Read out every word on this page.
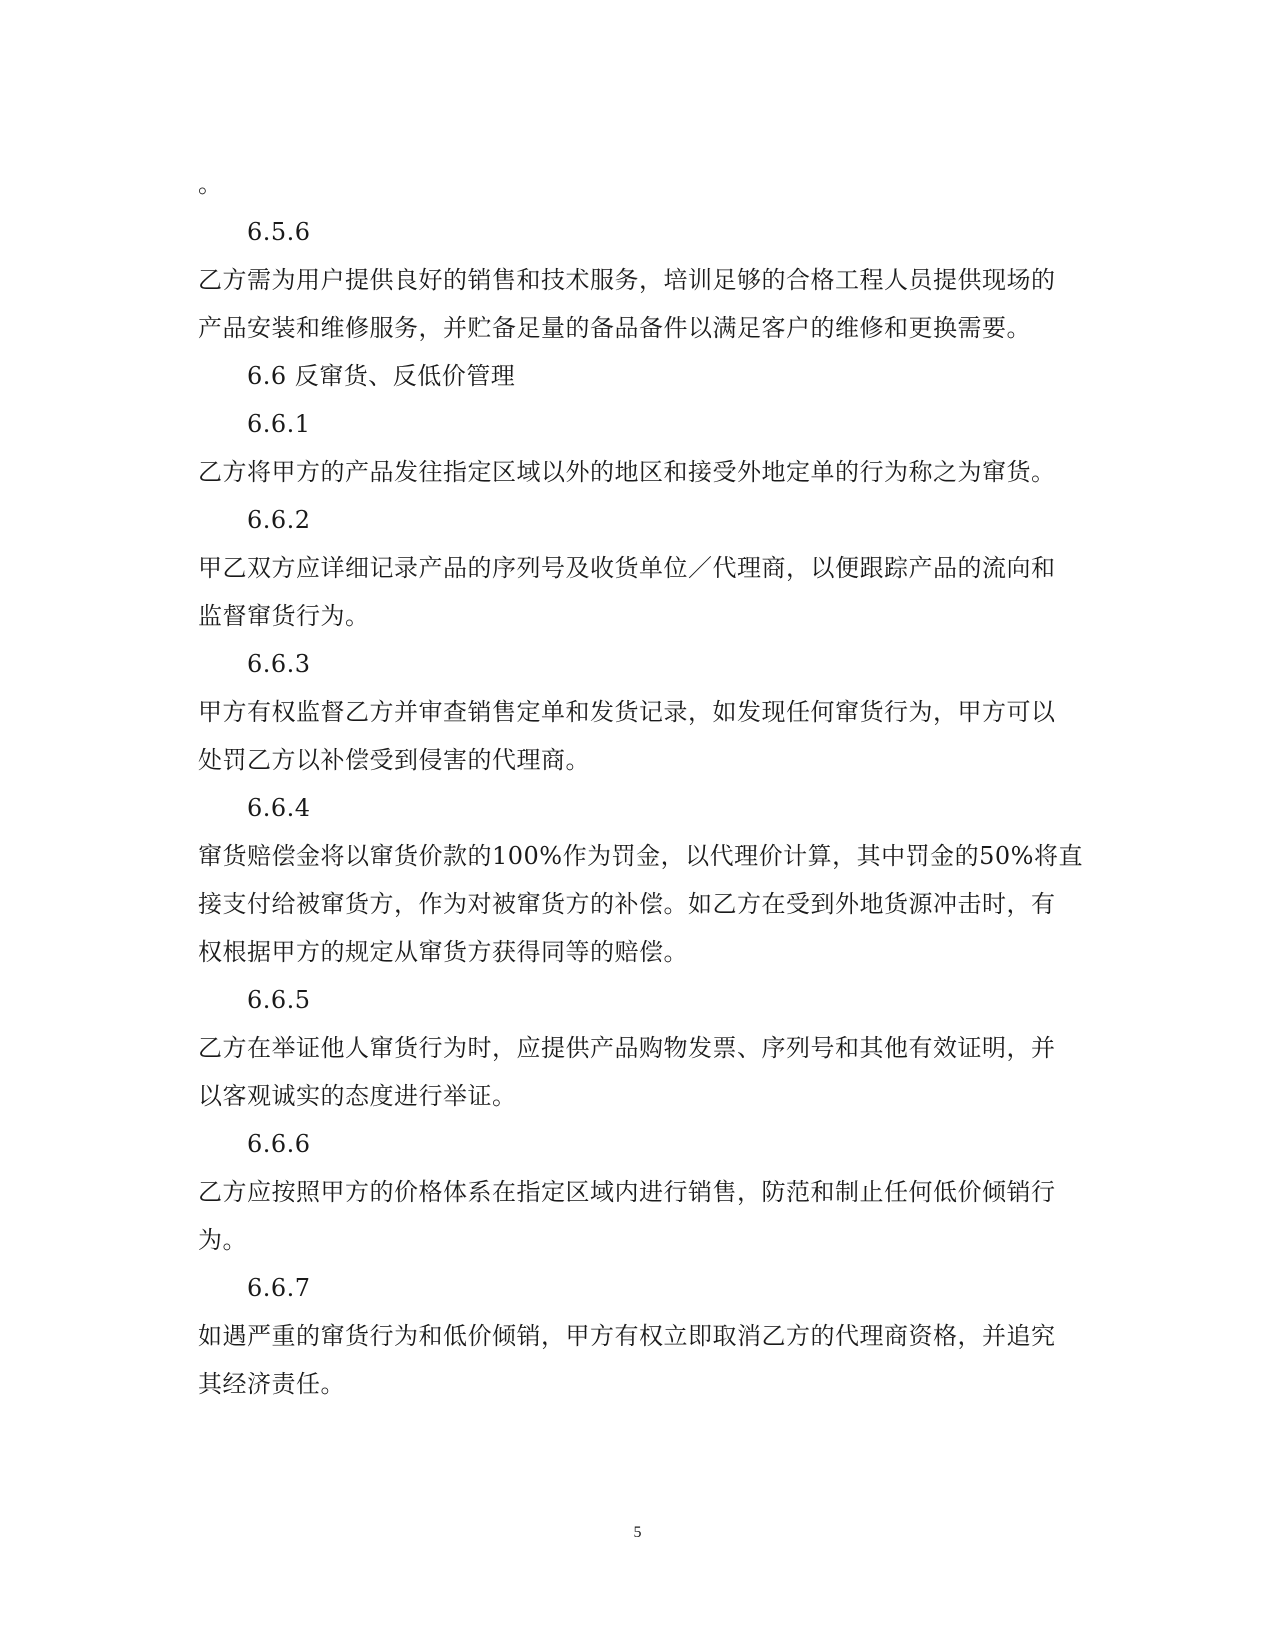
。
6.5.6
乙方需为用户提供良好的销售和技术服务，培训足够的合格工程人员提供现场的
产品安装和维修服务，并贮备足量的备品备件以满足客户的维修和更换需要。
6.6 反窜货、反低价管理
6.6.1
乙方将甲方的产品发往指定区域以外的地区和接受外地定单的行为称之为窜货。
6.6.2
甲乙双方应详细记录产品的序列号及收货单位／代理商，以便跟踪产品的流向和
监督窜货行为。
6.6.3
甲方有权监督乙方并审查销售定单和发货记录，如发现任何窜货行为，甲方可以
处罚乙方以补偿受到侵害的代理商。
6.6.4
窜货赔偿金将以窜货价款的100%作为罚金，以代理价计算，其中罚金的50%将直
接支付给被窜货方，作为对被窜货方的补偿。如乙方在受到外地货源冲击时，有
权根据甲方的规定从窜货方获得同等的赔偿。
6.6.5
乙方在举证他人窜货行为时，应提供产品购物发票、序列号和其他有效证明，并
以客观诚实的态度进行举证。
6.6.6
乙方应按照甲方的价格体系在指定区域内进行销售，防范和制止任何低价倾销行
为。
6.6.7
如遇严重的窜货行为和低价倾销，甲方有权立即取消乙方的代理商资格，并追究
其经济责任。
5
